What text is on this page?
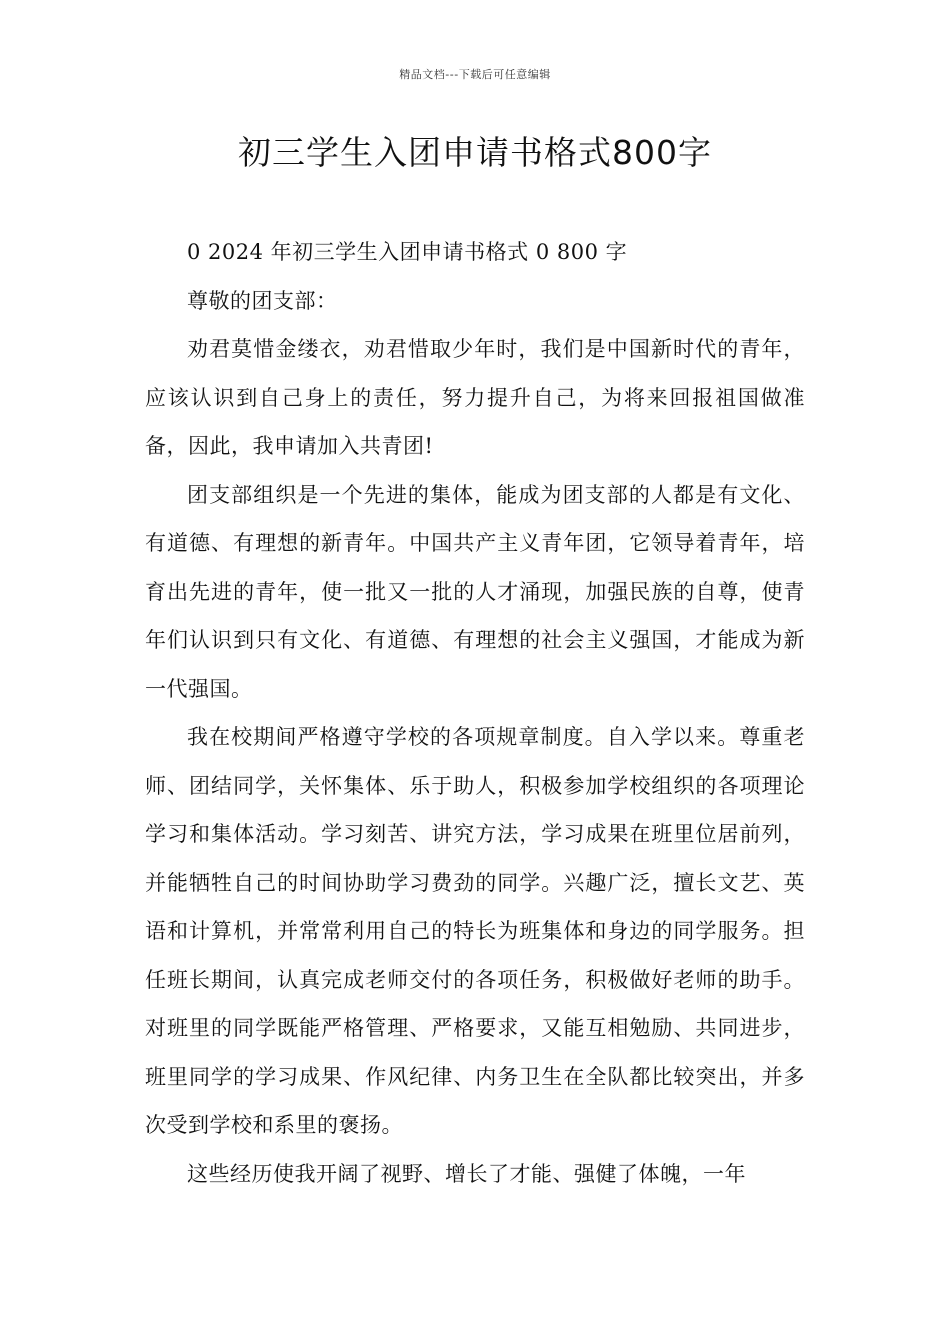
精品文档---下载后可任意编辑
初三学生入团申请书格式800字

0 2024 年初三学生入团申请书格式 0 800 字

尊敬的团支部：

劝君莫惜金缕衣，劝君惜取少年时，我们是中国新时代的青年，应该认识到自己身上的责任，努力提升自己，为将来回报祖国做准备，因此，我申请加入共青团!

团支部组织是一个先进的集体，能成为团支部的人都是有文化、有道德、有理想的新青年。中国共产主义青年团，它领导着青年，培育出先进的青年，使一批又一批的人才涌现，加强民族的自尊，使青年们认识到只有文化、有道德、有理想的社会主义强国，才能成为新一代强国。

我在校期间严格遵守学校的各项规章制度。自入学以来。尊重老师、团结同学，关怀集体、乐于助人，积极参加学校组织的各项理论学习和集体活动。学习刻苦、讲究方法，学习成果在班里位居前列，并能牺牲自己的时间协助学习费劲的同学。兴趣广泛，擅长文艺、英语和计算机，并常常利用自己的特长为班集体和身边的同学服务。担任班长期间，认真完成老师交付的各项任务，积极做好老师的助手。对班里的同学既能严格管理、严格要求，又能互相勉励、共同进步，班里同学的学习成果、作风纪律、内务卫生在全队都比较突出，并多次受到学校和系里的褒扬。

这些经历使我开阔了视野、增长了才能、强健了体魄，一年
